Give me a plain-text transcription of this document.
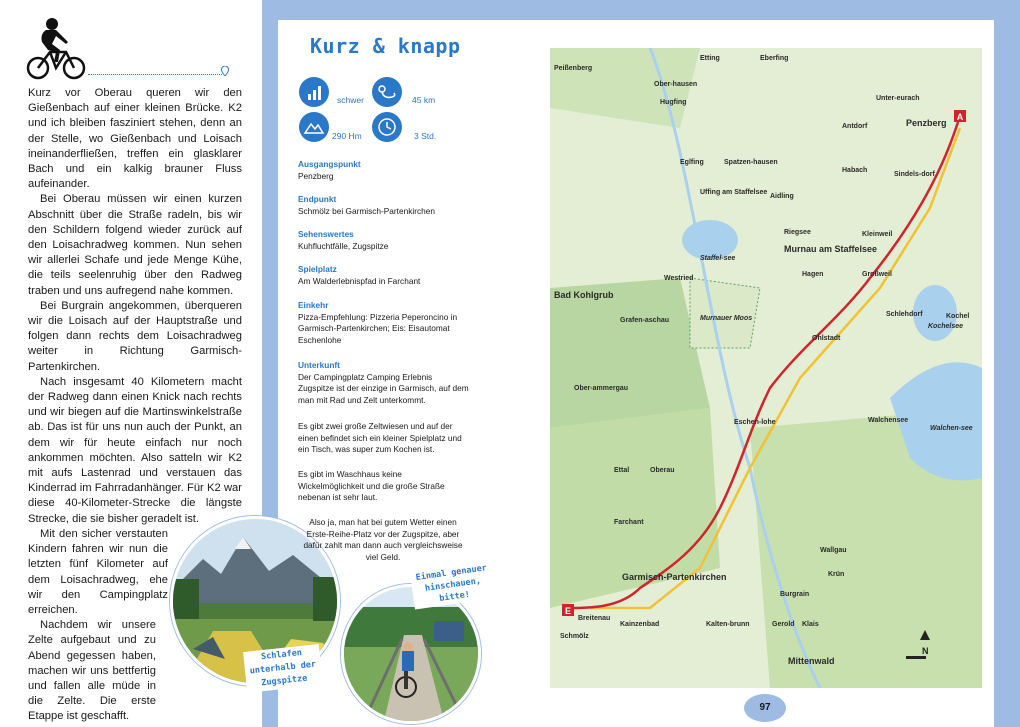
Kurz vor Oberau queren wir den Gießenbach auf einer kleinen Brücke. K2 und ich bleiben fasziniert stehen, denn an der Stelle, wo Gießenbach und Loisach ineinanderfließen, treffen ein glasklarer Bach und ein kalkig brauner Fluss aufeinander.

Bei Oberau müssen wir einen kurzen Abschnitt über die Straße radeln, bis wir den Schildern folgend wieder zurück auf den Loisachradweg kommen. Nun sehen wir allerlei Schafe und jede Menge Kühe, die teils seelenruhig über den Radweg traben und uns aufregend nahe kommen.

Bei Burgrain angekommen, überqueren wir die Loisach auf der Hauptstraße und folgen dann rechts dem Loisachradweg weiter in Richtung Garmisch-Partenkirchen.

Nach insgesamt 40 Kilometern macht der Radweg dann einen Knick nach rechts und wir biegen auf die Martinswinkelstraße ab. Das ist für uns nun auch der Punkt, an dem wir für heute einfach nur noch ankommen möchten. Also satteln wir K2 mit aufs Lastenrad und verstauen das Kinderrad im Fahrradanhänger. Für K2 war diese 40-Kilometer-Strecke die längste Strecke, die sie bisher geradelt ist.

Mit den sicher verstauten Kindern fahren wir nun die letzten fünf Kilometer auf dem Loisachradweg, ehe wir den Campingplatz erreichen.

Nachdem wir unsere Zelte aufgebaut und zu Abend gegessen haben, machen wir uns bettfertig und fallen alle müde in die Zelte. Die erste Etappe ist geschafft.

Schlafen unterhalb der Zugspitze
Einmal genauer hinschauen, bitte!
Kurz & knapp
schwer	45 km
290 Hm	3 Std.
Ausgangspunkt
Penzberg
Endpunkt
Schmölz bei Garmisch-Partenkirchen
Sehenswertes
Kuhfluchtfälle, Zugspitze
Spielplatz
Am Walderlebnispfad in Farchant
Einkehr
Pizza-Empfehlung: Pizzeria Peperoncino in Garmisch-Partenkirchen; Eis: Eisautomat Eschenlohe
Unterkunft
Der Campingplatz Camping Erlebnis Zugspitze ist der einzige in Garmisch, auf dem man mit Rad und Zelt unterkommt.
Es gibt zwei große Zeltwiesen und auf der einen befindet sich ein kleiner Spielplatz und ein Tisch, was super zum Kochen ist.
Es gibt im Waschhaus keine Wickelmöglichkeit und die große Straße nebenan ist sehr laut.
Also ja, man hat bei gutem Wetter einen Erste-Reihe-Platz vor der Zugspitze, aber dafür zahlt man dann auch vergleichsweise viel Geld.
A
E
Peißenberg
Etting	Eberfing
Ober-hausen
Hugfing
Unter-eurach
Penzberg
Antdorf
Habach
Sindels-dorf
Eglfing	Spatzen-hausen
Uffing am Staffelsee
Aidling
Riegsee
Staffel-see
Murnau am Staffelsee
Westried
Großweil
Kleinweil
Hagen
Bad Kohlgrub
Grafen-aschau	Murnauer Moos
Ohlstadt
Schlehdorf	Kochel
Kochelsee
Ober-ammergau
Eschen-lohe	Walchensee
Walchen-see
Ettal	Oberau
Farchant
Garmisch-Partenkirchen
Wallgau
Krün
Kalten-brunn	Gerold Klais
Mittenwald
Schmölz
Kainzenbad
Burgrain
Breitenau
N
97
